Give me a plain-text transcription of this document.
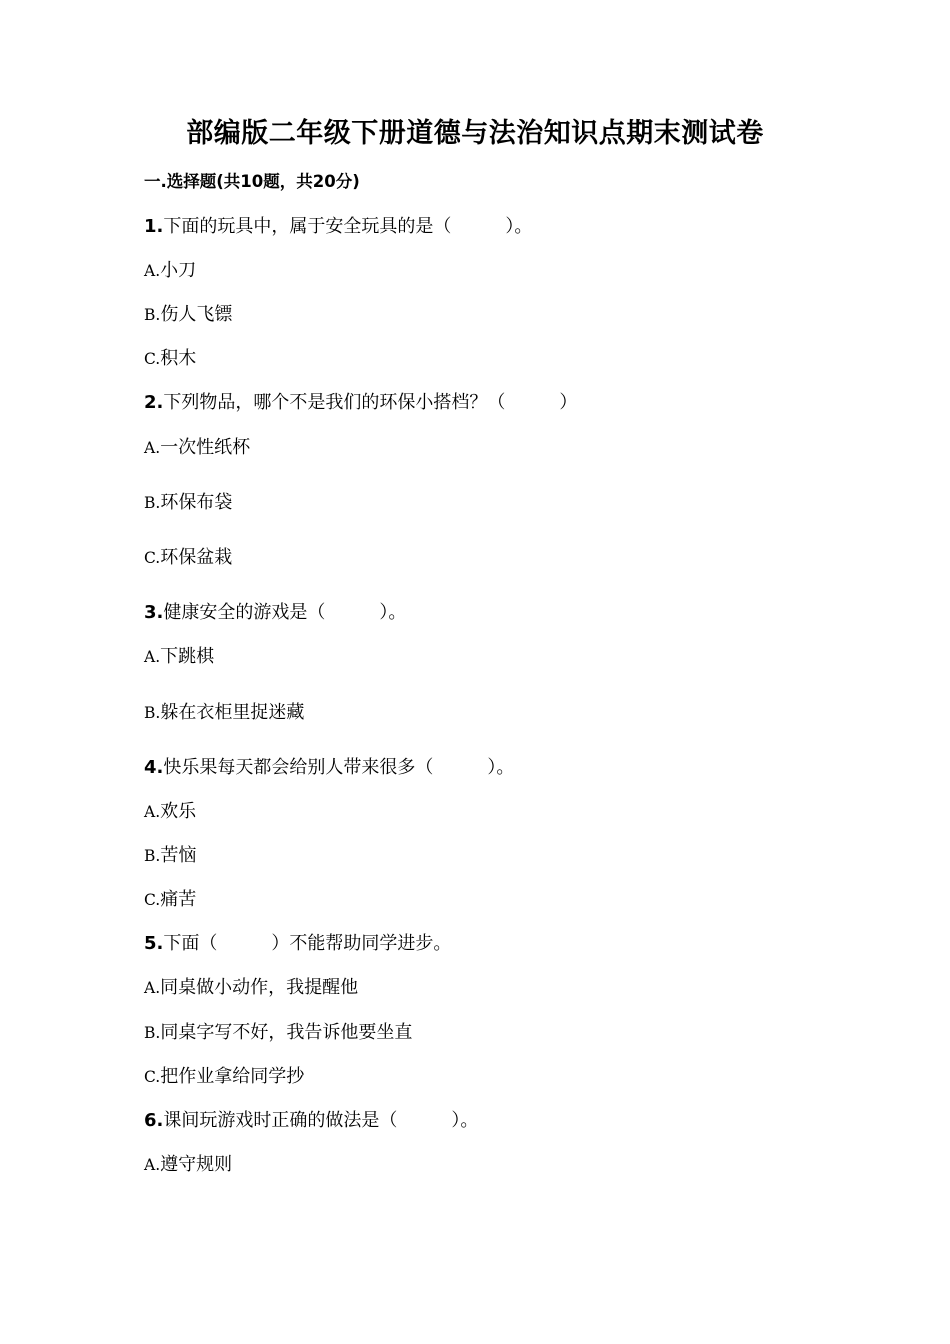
部编版二年级下册道德与法治知识点期末测试卷
一.选择题(共10题，共20分)
1.下面的玩具中，属于安全玩具的是（　　　）。
A.小刀
B.伤人飞镖
C.积木
2.下列物品，哪个不是我们的环保小搭档？（　　　）
A.一次性纸杯
B.环保布袋
C.环保盆栽
3.健康安全的游戏是（　　　）。
A.下跳棋
B.躲在衣柜里捉迷藏
4.快乐果每天都会给别人带来很多（　　　）。
A.欢乐
B.苦恼
C.痛苦
5.下面（　　　）不能帮助同学进步。
A.同桌做小动作，我提醒他
B.同桌字写不好，我告诉他要坐直
C.把作业拿给同学抄
6.课间玩游戏时正确的做法是（　　　）。
A.遵守规则
